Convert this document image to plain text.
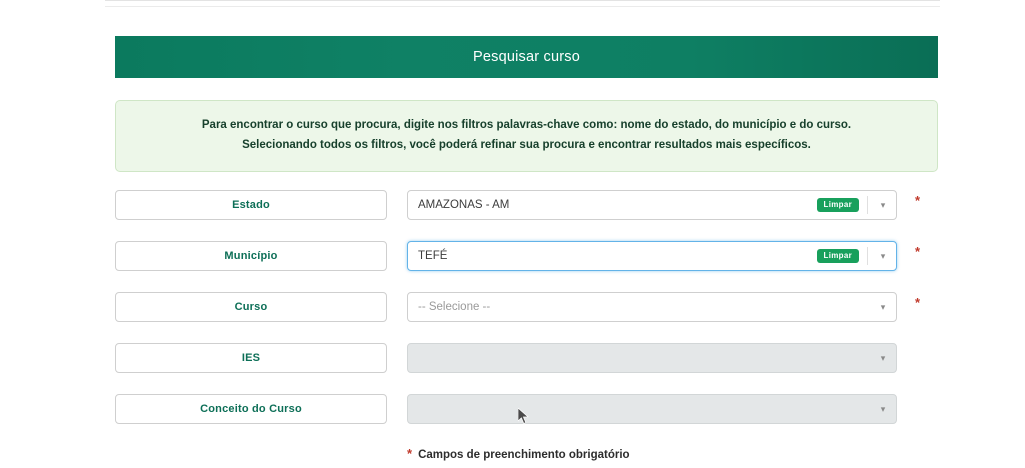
Pesquisar curso
Para encontrar o curso que procura, digite nos filtros palavras-chave como: nome do estado, do município e do curso.
Selecionando todos os filtros, você poderá refinar sua procura e encontrar resultados mais específicos.
Estado	AMAZONAS - AM	Limpar	▾	*
Município	TEFÉ	Limpar	▾	*
Curso	-- Selecione --	▾	*
IES	▾
Conceito do Curso	▾
* Campos de preenchimento obrigatório
